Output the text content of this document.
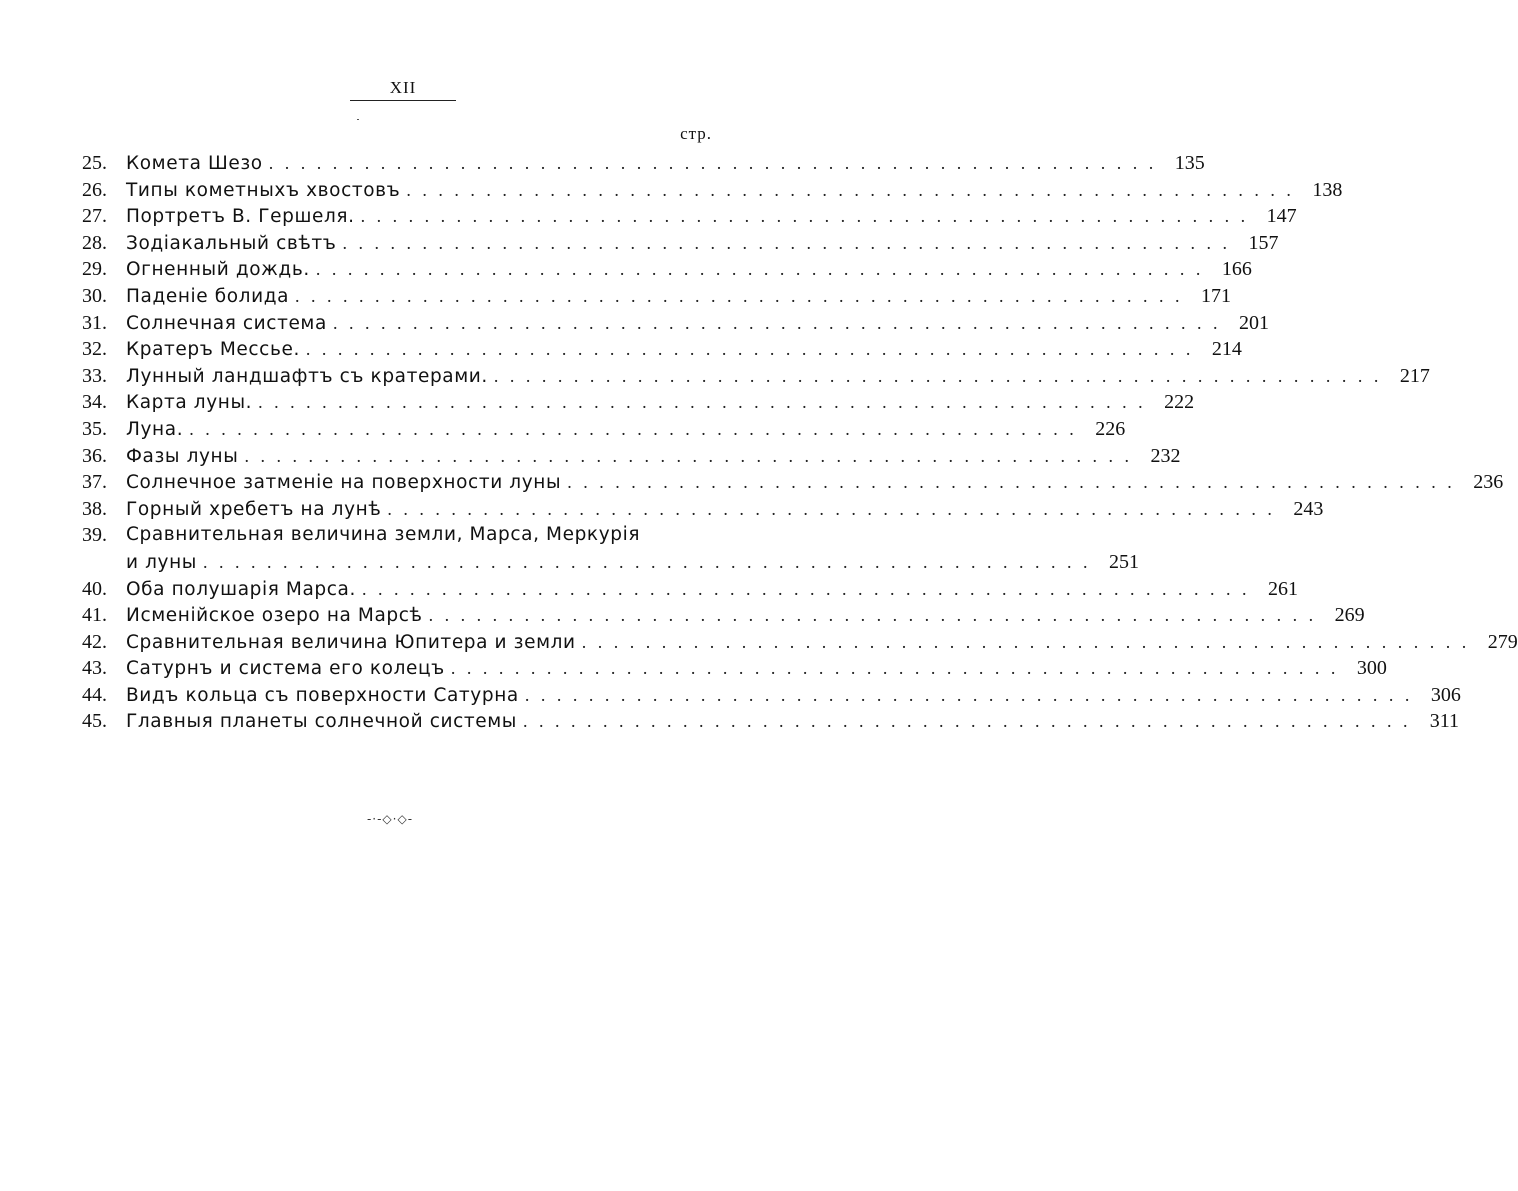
XII
стр.
25.	Комета Шезо . . .	135
26.	Типы кометныхъ хвостовъ . . .	138
27.	Портретъ В. Гершеля. . . .	147
28.	Зодiакальный свѣтъ . . .	157
29.	Огненный дождь. . . .	166
30.	Паденiе болида . . .	171
31.	Солнечная система . . .	201
32.	Кратеръ Мессье. . . .	214
33.	Лунный ландшафтъ съ кратерами. . . .	217
34.	Карта луны. . . .	222
35.	Луна. . . .	226
36.	Фазы луны . . .	232
37.	Солнечное затменiе на поверхности луны . . .	236
38.	Горный хребетъ на лунѣ . . .	243
39.	Сравнительная величина земли, Марса, Меркурiя
и луны . . .	251
40.	Оба полушарiя Марса. . . .	261
41.	Исменiйское озеро на Марсѣ . . .	269
42.	Сравнительная величина Юпитера и земли . . .	279
43.	Сатурнъ и система его колецъ . . .	300
44.	Видъ кольца съ поверхности Сатурна . . .	306
45.	Главныя планеты солнечной системы . . .	311
-·-◇·◇-
